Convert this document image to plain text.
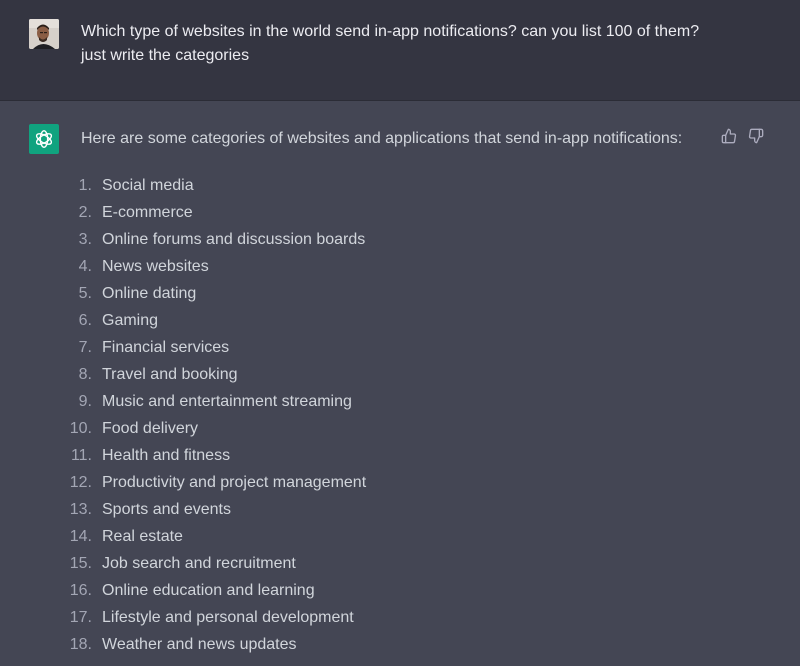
Which type of websites in the world send in-app notifications? can you list 100 of them?
just write the categories
Here are some categories of websites and applications that send in-app notifications:
1. Social media
2. E-commerce
3. Online forums and discussion boards
4. News websites
5. Online dating
6. Gaming
7. Financial services
8. Travel and booking
9. Music and entertainment streaming
10. Food delivery
11. Health and fitness
12. Productivity and project management
13. Sports and events
14. Real estate
15. Job search and recruitment
16. Online education and learning
17. Lifestyle and personal development
18. Weather and news updates
